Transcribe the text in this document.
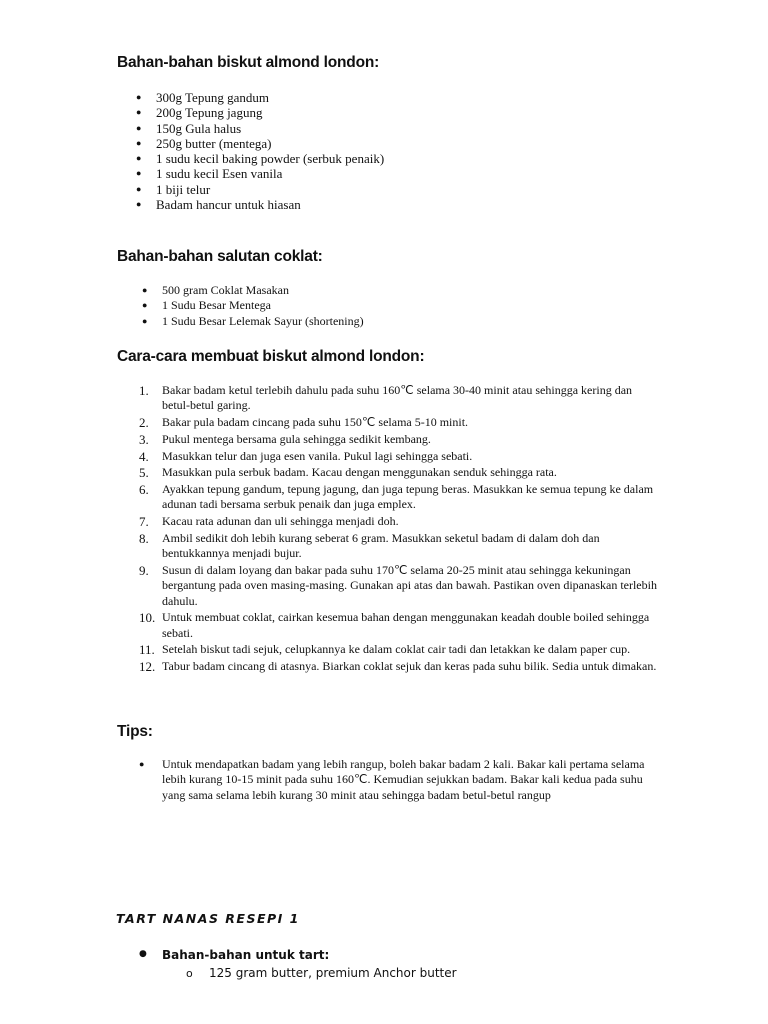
Bahan-bahan biskut almond london:
● 300g Tepung gandum
● 200g Tepung jagung
● 150g Gula halus
● 250g butter (mentega)
● 1 sudu kecil baking powder (serbuk penaik)
● 1 sudu kecil Esen vanila
● 1 biji telur
● Badam hancur untuk hiasan
Bahan-bahan salutan coklat:
● 500 gram Coklat Masakan
● 1 Sudu Besar Mentega
● 1 Sudu Besar Lelemak Sayur (shortening)
Cara-cara membuat biskut almond london:
1. Bakar badam ketul terlebih dahulu pada suhu 160℃ selama 30-40 minit atau sehingga kering dan betul-betul garing.
2. Bakar pula badam cincang pada suhu 150℃ selama 5-10 minit.
3. Pukul mentega bersama gula sehingga sedikit kembang.
4. Masukkan telur dan juga esen vanila. Pukul lagi sehingga sebati.
5. Masukkan pula serbuk badam. Kacau dengan menggunakan senduk sehingga rata.
6. Ayakkan tepung gandum, tepung jagung, dan juga tepung beras. Masukkan ke semua tepung ke dalam adunan tadi bersama serbuk penaik dan juga emplex.
7. Kacau rata adunan dan uli sehingga menjadi doh.
8. Ambil sedikit doh lebih kurang seberat 6 gram. Masukkan seketul badam di dalam doh dan bentukkannya menjadi bujur.
9. Susun di dalam loyang dan bakar pada suhu 170℃ selama 20-25 minit atau sehingga kekuningan bergantung pada oven masing-masing. Gunakan api atas dan bawah. Pastikan oven dipanaskan terlebih dahulu.
10. Untuk membuat coklat, cairkan kesemua bahan dengan menggunakan keadah double boiled sehingga sebati.
11. Setelah biskut tadi sejuk, celupkannya ke dalam coklat cair tadi dan letakkan ke dalam paper cup.
12. Tabur badam cincang di atasnya. Biarkan coklat sejuk dan keras pada suhu bilik. Sedia untuk dimakan.
Tips:
● Untuk mendapatkan badam yang lebih rangup, boleh bakar badam 2 kali. Bakar kali pertama selama lebih kurang 10-15 minit pada suhu 160℃. Kemudian sejukkan badam. Bakar kali kedua pada suhu yang sama selama lebih kurang 30 minit atau sehingga badam betul-betul rangup
TART NANAS RESEPI 1
● Bahan-bahan untuk tart:
o 125 gram butter, premium Anchor butter
